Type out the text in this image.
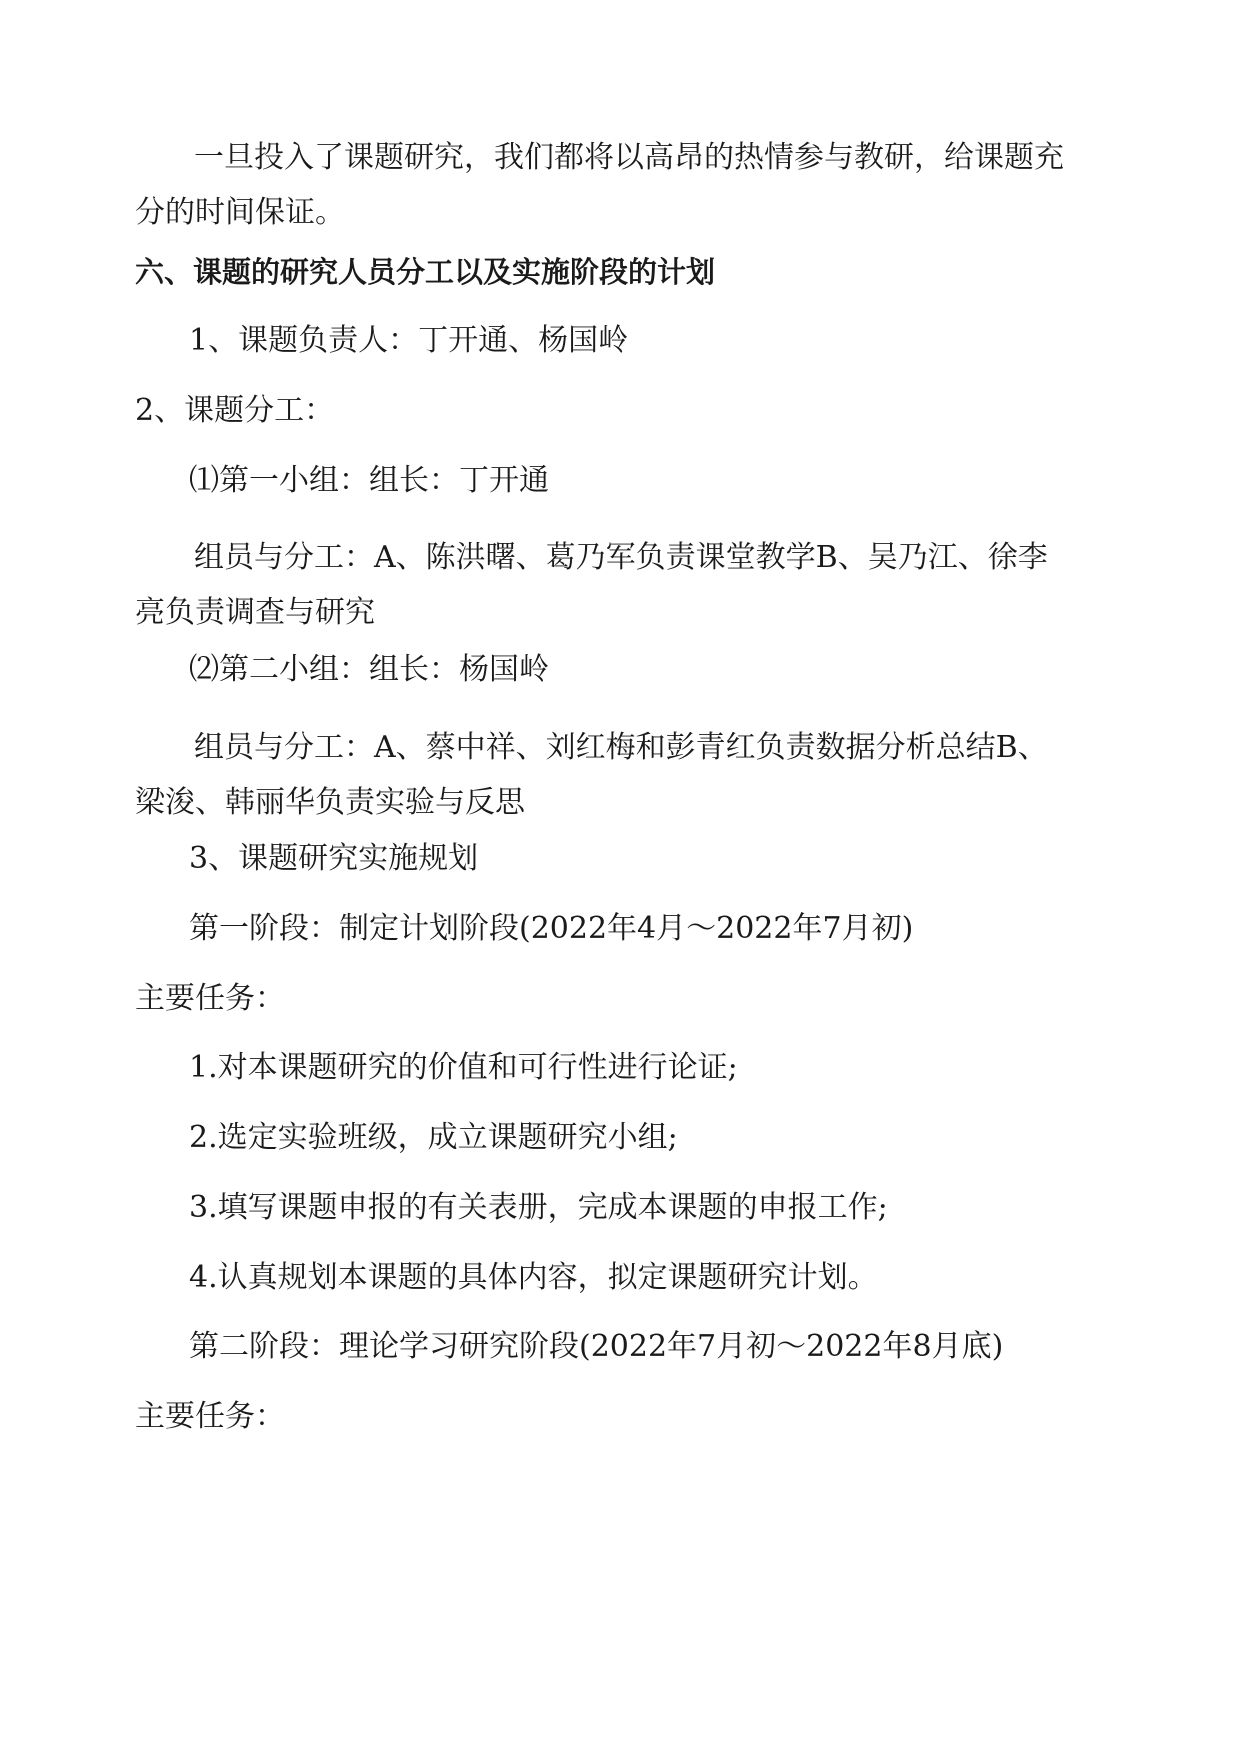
一旦投入了课题研究，我们都将以高昂的热情参与教研，给课题充分的时间保证。

六、课题的研究人员分工以及实施阶段的计划

1、课题负责人：丁开通、杨国岭

2、课题分工：

⑴第一小组：组长：丁开通

组员与分工：A、陈洪曙、葛乃军负责课堂教学B、吴乃江、徐李亮负责调查与研究

⑵第二小组：组长：杨国岭

组员与分工：A、蔡中祥、刘红梅和彭青红负责数据分析总结B、梁浚、韩丽华负责实验与反思

3、课题研究实施规划

第一阶段：制定计划阶段(2022年4月～2022年7月初)

主要任务：

1.对本课题研究的价值和可行性进行论证;

2.选定实验班级，成立课题研究小组;

3.填写课题申报的有关表册，完成本课题的申报工作;

4.认真规划本课题的具体内容，拟定课题研究计划。

第二阶段：理论学习研究阶段(2022年7月初～2022年8月底)

主要任务：
